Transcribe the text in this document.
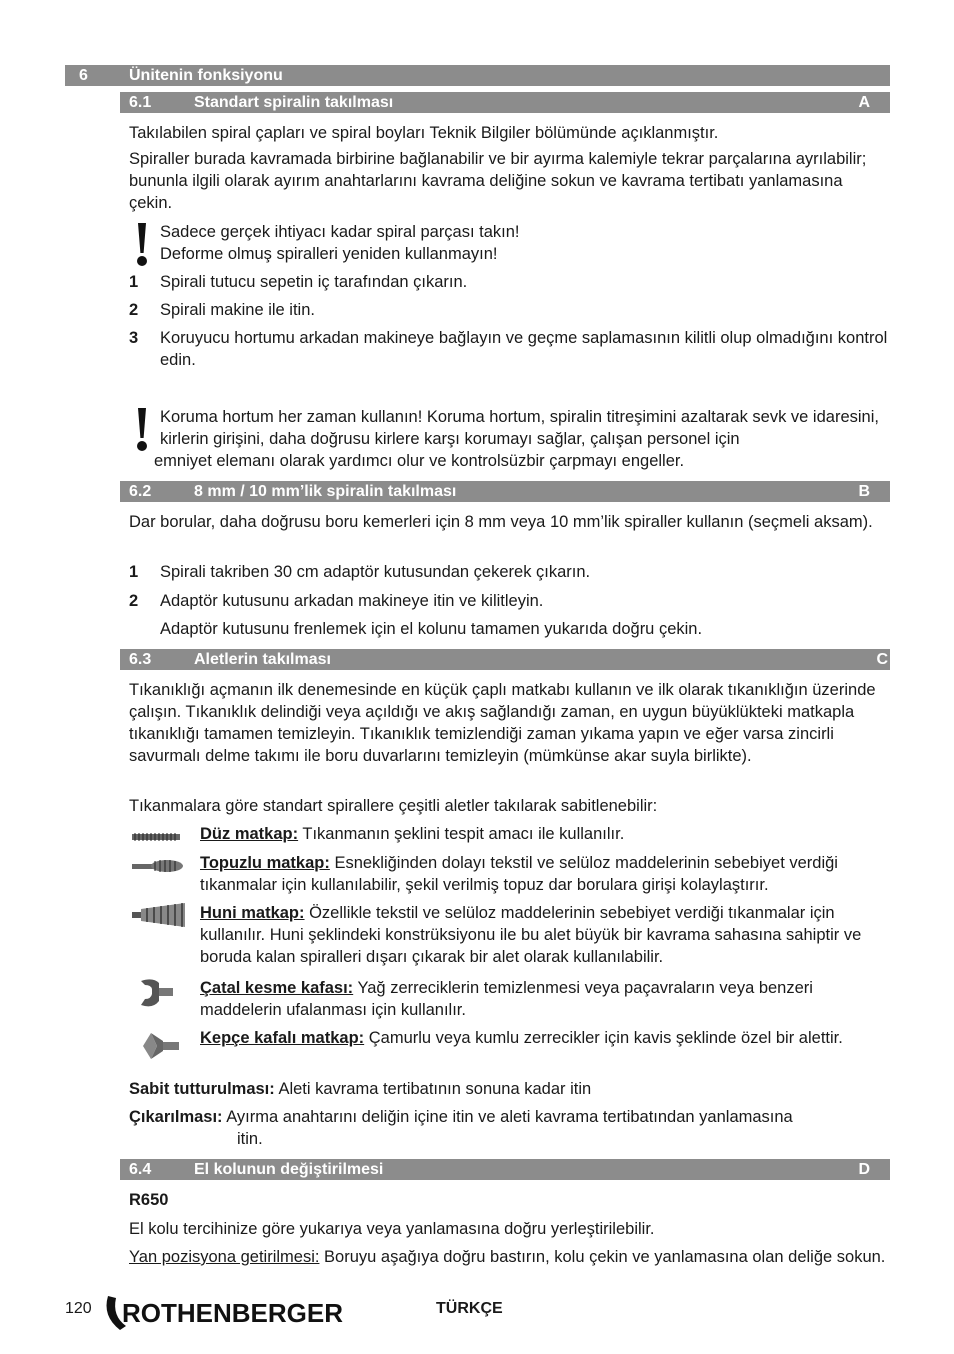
6	Ünitenin fonksiyonu
6.1	Standart spiralin takılması	A
Takılabilen spiral çapları ve spiral boyları Teknik Bilgiler bölümünde açıklanmıştır.
Spiraller burada kavramada birbirine bağlanabilir ve bir ayırma kalemiyle tekrar parçalarına ayrılabilir; bununla ilgili olarak ayırım anahtarlarını kavrama deliğine sokun ve kavrama tertibatı yanlamasına çekin.
Sadece gerçek ihtiyacı kadar spiral parçası takın!
Deforme olmuş spiralleri yeniden kullanmayın!
1 Spirali tutucu sepetin iç tarafından çıkarın.
2 Spirali makine ile itin.
3 Koruyucu hortumu arkadan makineye bağlayın ve geçme saplamasının kilitli olup olmadığını kontrol edin.
Koruma hortum her zaman kullanın! Koruma hortum, spiralin titreşimini azaltarak sevk ve idaresini, kirlerin girişini, daha doğrusu kirlere karşı korumayı sağlar, çalışan personel için
emniyet elemanı olarak yardımcı olur ve kontrolsüzbir çarpmayı engeller.
6.2	8 mm / 10 mm’lik spiralin takılması	B
Dar borular, daha doğrusu boru kemerleri için 8 mm veya 10 mm’lik spiraller kullanın (seçmeli aksam).
1 Spirali takriben 30 cm adaptör kutusundan çekerek çıkarın.
2 Adaptör kutusunu arkadan makineye itin ve kilitleyin.
Adaptör kutusunu frenlemek için el kolunu tamamen yukarıda doğru çekin.
6.3	Aletlerin takılması	C
Tıkanıklığı açmanın ilk denemesinde en küçük çaplı matkabı kullanın ve ilk olarak tıkanıklığın üzerinde çalışın. Tıkanıklık delindiği veya açıldığı ve akış sağlandığı zaman, en uygun büyüklükteki matkapla tıkanıklığı tamamen temizleyin. Tıkanıklık temizlendiği zaman yıkama yapın ve eğer varsa zincirli savurmalı delme takımı ile boru duvarlarını temizleyin (mümkünse akar suyla birlikte).
Tıkanmalara göre standart spirallere çeşitli aletler takılarak sabitlenebilir:
Düz matkap: Tıkanmanın şeklini tespit amacı ile kullanılır.
Topuzlu matkap: Esnekliğinden dolayı tekstil ve selüloz maddelerinin sebebiyet verdiği tıkanmalar için kullanılabilir, şekil verilmiş topuz dar borulara girişi kolaylaştırır.
Huni matkap: Özellikle tekstil ve selüloz maddelerinin sebebiyet verdiği tıkanmalar için kullanılır. Huni şeklindeki konstrüksiyonu ile bu alet büyük bir kavrama sahasına sahiptir ve boruda kalan spiralleri dışarı çıkarak bir alet olarak kullanılabilir.
Çatal kesme kafası: Yağ zerreciklerin temizlenmesi veya paçavraların veya benzeri maddelerin ufalanması için kullanılır.
Kepçe kafalı matkap: Çamurlu veya kumlu zerrecikler için kavis şeklinde özel bir alettir.
Sabit tutturulması: Aleti kavrama tertibatının sonuna kadar itin
Çıkarılması: Ayırma anahtarını deliğin içine itin ve aleti kavrama tertibatından yanlamasına
itin.
6.4	El kolunun değiştirilmesi	D
R650
El kolu tercihinize göre yukarıya veya yanlamasına doğru yerleştirilebilir.
Yan pozisyona getirilmesi: Boruyu aşağıya doğru bastırın, kolu çekin ve yanlamasına olan deliğe sokun.
120 ROTHENBERGER	TÜRKÇE
